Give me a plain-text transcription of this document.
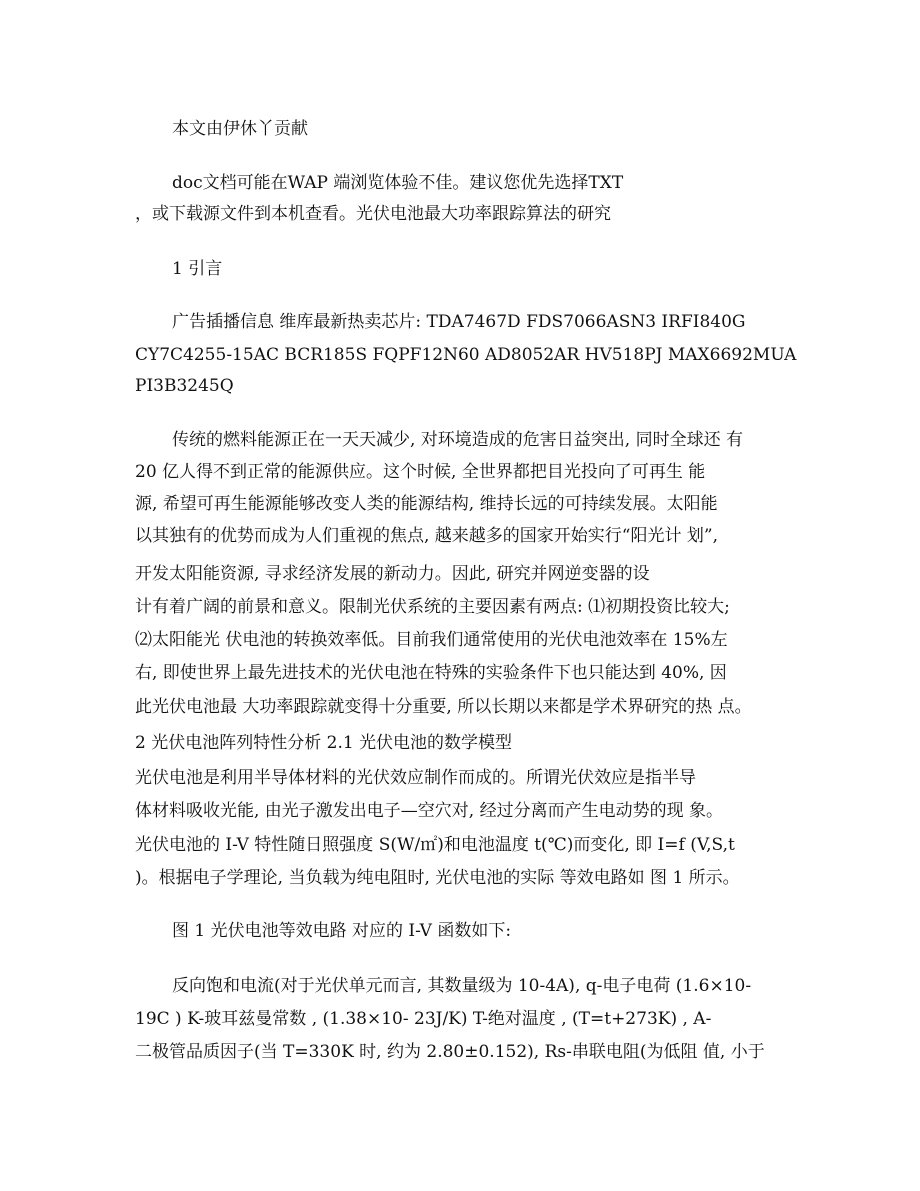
本文由伊休丫贡献
doc文档可能在WAP 端浏览体验不佳。建议您优先选择TXT
，或下载源文件到本机查看。光伏电池最大功率跟踪算法的研究
1 引言
广告插播信息 维库最新热卖芯片: TDA7467D FDS7066ASN3 IRFI840G
CY7C4255-15AC BCR185S FQPF12N60 AD8052AR HV518PJ MAX6692MUA
PI3B3245Q
传统的燃料能源正在一天天减少, 对环境造成的危害日益突出, 同时全球还 有
20 亿人得不到正常的能源供应。这个时候, 全世界都把目光投向了可再生 能
源, 希望可再生能源能够改变人类的能源结构, 维持长远的可持续发展。太阳能
以其独有的优势而成为人们重视的焦点, 越来越多的国家开始实行“阳光计 划”,
开发太阳能资源, 寻求经济发展的新动力。因此, 研究并网逆变器的设
计有着广阔的前景和意义。限制光伏系统的主要因素有两点: ⑴初期投资比较大;
⑵太阳能光 伏电池的转换效率低。目前我们通常使用的光伏电池效率在 15%左
右, 即使世界上最先进技术的光伏电池在特殊的实验条件下也只能达到 40%, 因
此光伏电池最 大功率跟踪就变得十分重要, 所以长期以来都是学术界研究的热 点。
2 光伏电池阵列特性分析 2.1 光伏电池的数学模型
光伏电池是利用半导体材料的光伏效应制作而成的。所谓光伏效应是指半导
体材料吸收光能, 由光子激发出电子—空穴对, 经过分离而产生电动势的现 象。
光伏电池的 I-V 特性随日照强度 S(W/㎡)和电池温度 t(℃)而变化, 即 I=f (V,S,t
)。根据电子学理论, 当负载为纯电阻时, 光伏电池的实际 等效电路如 图 1 所示。
图 1 光伏电池等效电路 对应的 I-V 函数如下:
反向饱和电流(对于光伏单元而言, 其数量级为 10-4A), q-电子电荷 (1.6×10-
19C ) K-玻耳兹曼常数 , (1.38×10- 23J/K) T-绝对温度 , (T=t+273K) , A-
二极管品质因子(当 T=330K 时, 约为 2.80±0.152), Rs-串联电阻(为低阻 值, 小于
